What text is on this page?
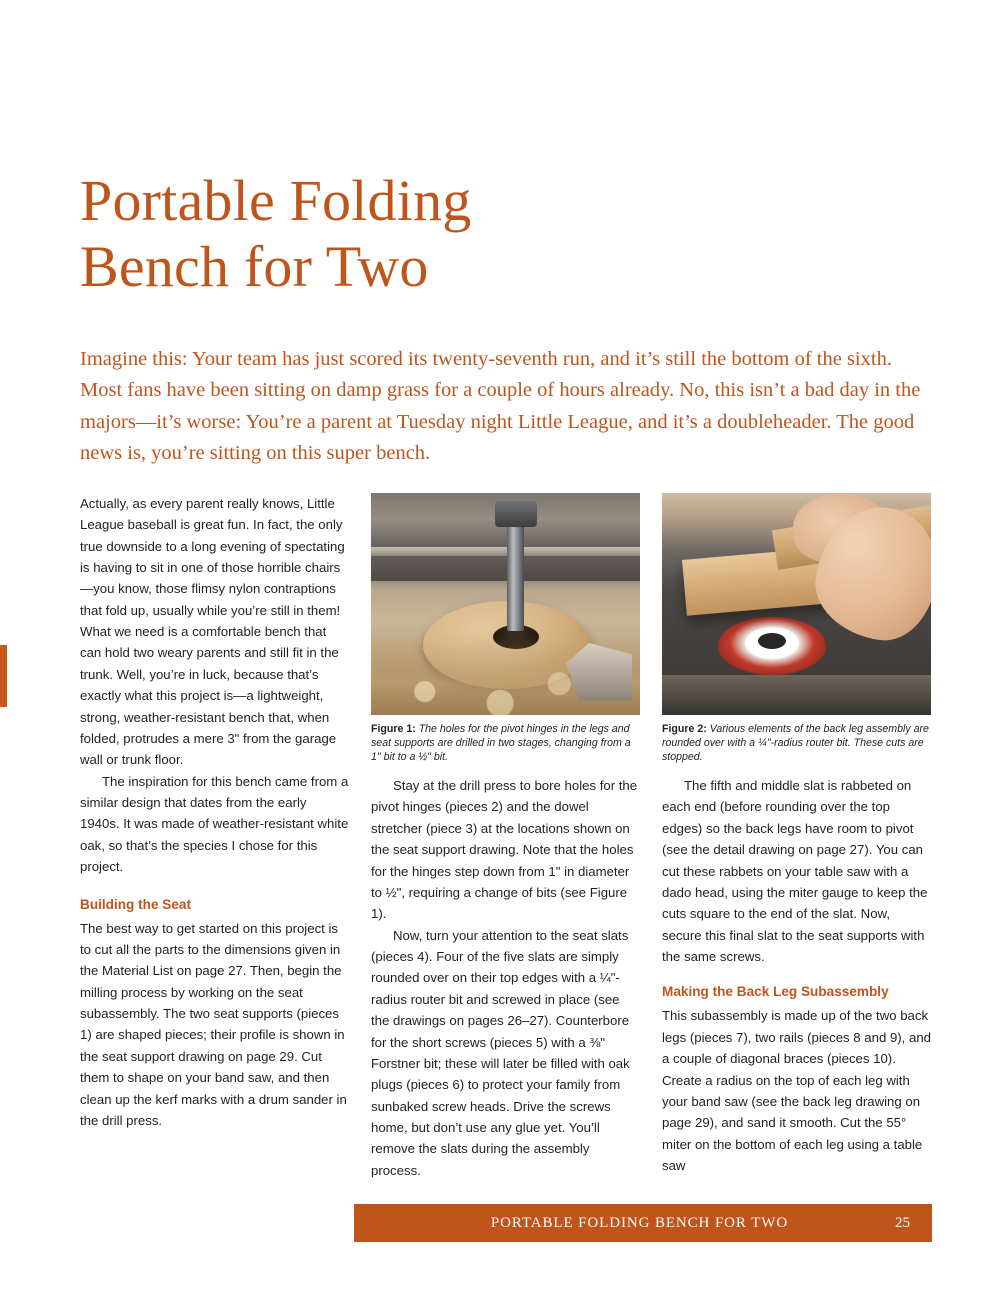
Portable Folding
Bench for Two
Imagine this: Your team has just scored its twenty-seventh run, and it’s still the bottom of the sixth. Most fans have been sitting on damp grass for a couple of hours already. No, this isn’t a bad day in the majors—it’s worse: You’re a parent at Tuesday night Little League, and it’s a doubleheader. The good news is, you’re sitting on this super bench.

Actually, as every parent really knows, Little League baseball is great fun. In fact, the only true downside to a long evening of spectating is having to sit in one of those horrible chairs—you know, those flimsy nylon contraptions that fold up, usually while you’re still in them! What we need is a comfortable bench that can hold two weary parents and still fit in the trunk. Well, you’re in luck, because that’s exactly what this project is—a lightweight, strong, weather-resistant bench that, when folded, protrudes a mere 3" from the garage wall or trunk floor.

The inspiration for this bench came from a similar design that dates from the early 1940s. It was made of weather-resistant white oak, so that’s the species I chose for this project.

Building the Seat

The best way to get started on this project is to cut all the parts to the dimensions given in the Material List on page 27. Then, begin the milling process by working on the seat subassembly. The two seat supports (pieces 1) are shaped pieces; their profile is shown in the seat support drawing on page 29. Cut them to shape on your band saw, and then clean up the kerf marks with a drum sander in the drill press.

Figure 1: The holes for the pivot hinges in the legs and seat supports are drilled in two stages, changing from a 1" bit to a ½" bit.

Stay at the drill press to bore holes for the pivot hinges (pieces 2) and the dowel stretcher (piece 3) at the locations shown on the seat support drawing. Note that the holes for the hinges step down from 1" in diameter to ½", requiring a change of bits (see Figure 1).

Now, turn your attention to the seat slats (pieces 4). Four of the five slats are simply rounded over on their top edges with a ¼"-radius router bit and screwed in place (see the drawings on pages 26–27). Counterbore for the short screws (pieces 5) with a ⅜" Forstner bit; these will later be filled with oak plugs (pieces 6) to protect your family from sunbaked screw heads. Drive the screws home, but don’t use any glue yet. You’ll remove the slats during the assembly process.

Figure 2: Various elements of the back leg assembly are rounded over with a ¼"-radius router bit. These cuts are stopped.

The fifth and middle slat is rabbeted on each end (before rounding over the top edges) so the back legs have room to pivot (see the detail drawing on page 27). You can cut these rabbets on your table saw with a dado head, using the miter gauge to keep the cuts square to the end of the slat. Now, secure this final slat to the seat supports with the same screws.

Making the Back Leg Subassembly

This subassembly is made up of the two back legs (pieces 7), two rails (pieces 8 and 9), and a couple of diagonal braces (pieces 10). Create a radius on the top of each leg with your band saw (see the back leg drawing on page 29), and sand it smooth. Cut the 55° miter on the bottom of each leg using a table saw

PORTABLE FOLDING BENCH FOR TWO	25
